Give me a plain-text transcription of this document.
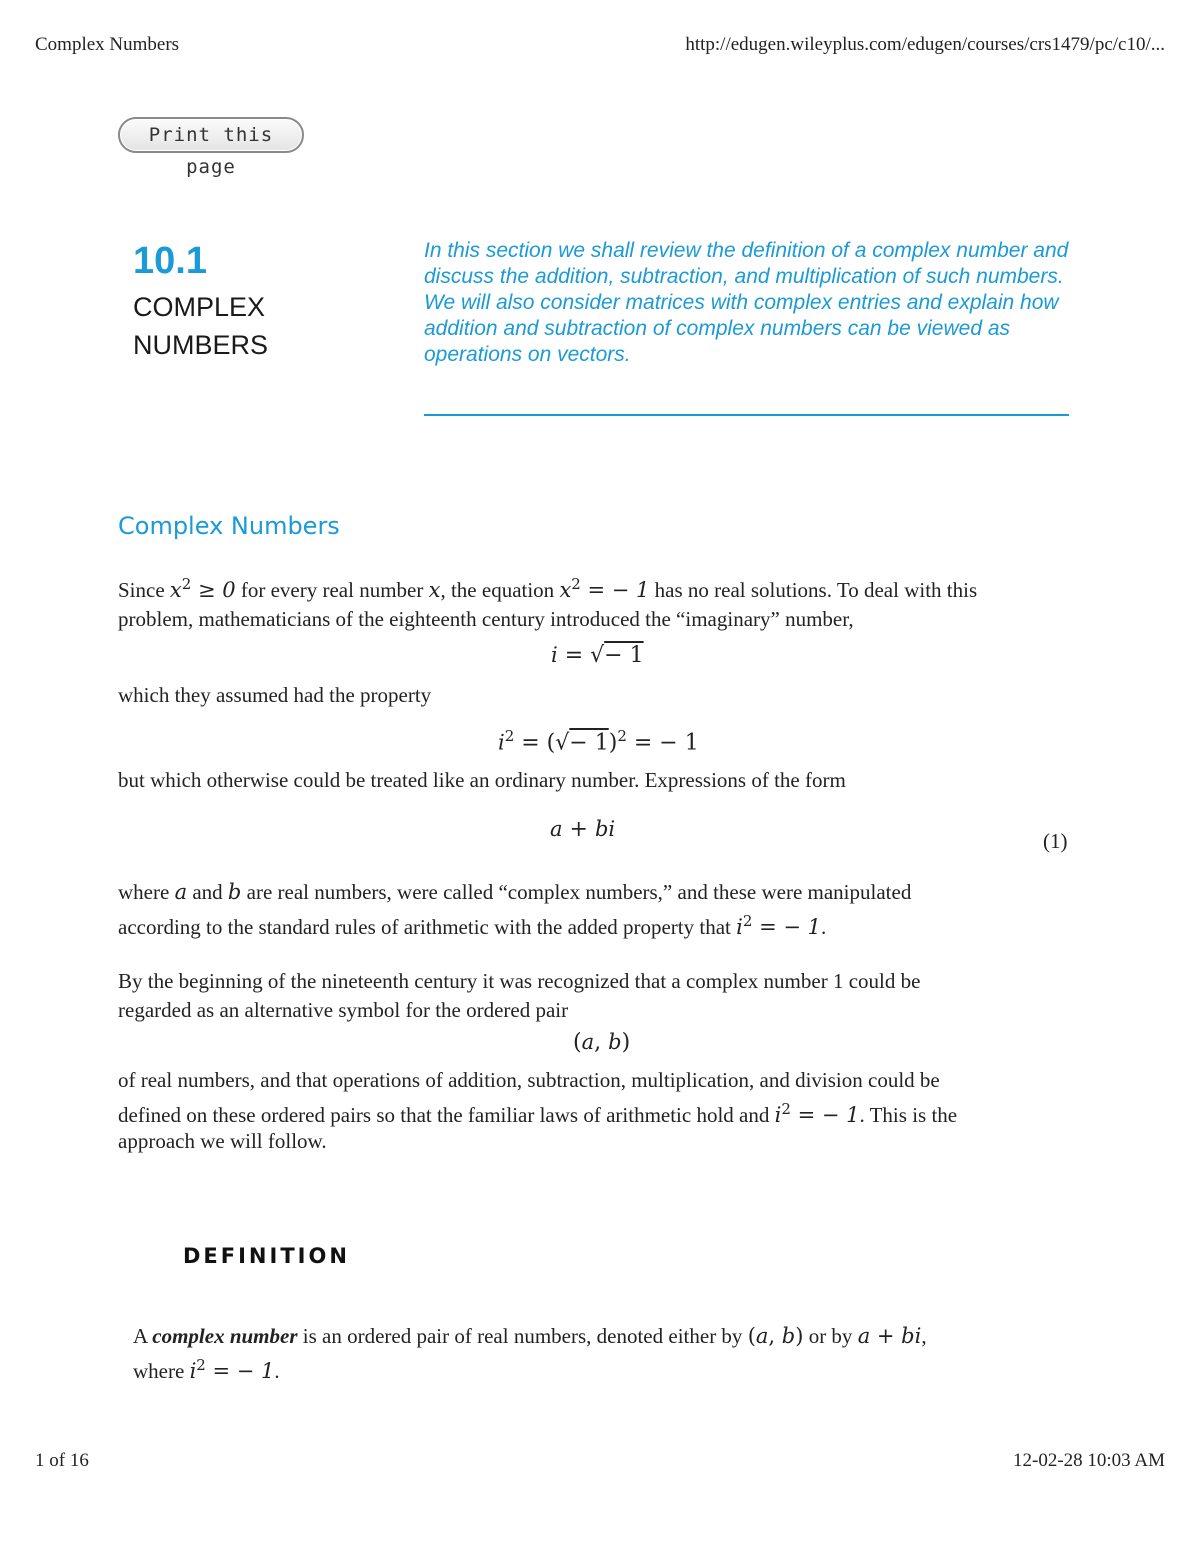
Complex Numbers	http://edugen.wileyplus.com/edugen/courses/crs1479/pc/c10/...
Print this page
10.1
COMPLEX
NUMBERS
In this section we shall review the definition of a complex number and discuss the addition, subtraction, and multiplication of such numbers. We will also consider matrices with complex entries and explain how addition and subtraction of complex numbers can be viewed as operations on vectors.
Complex Numbers
Since $x^2 \ge 0$ for every real number x, the equation $x^2$ = − 1 has no real solutions. To deal with this
problem, mathematicians of the eighteenth century introduced the “imaginary” number,
i = √− 1
which they assumed had the property
$i^2$ = (√− 1)$^2$ = − 1
but which otherwise could be treated like an ordinary number. Expressions of the form
a + bi	(1)
where a and b are real numbers, were called “complex numbers,” and these were manipulated
according to the standard rules of arithmetic with the added property that $i^2$ = − 1.
By the beginning of the nineteenth century it was recognized that a complex number 1 could be
regarded as an alternative symbol for the ordered pair
(a, b)
of real numbers, and that operations of addition, subtraction, multiplication, and division could be
defined on these ordered pairs so that the familiar laws of arithmetic hold and $i^2$ = − 1. This is the
approach we will follow.
DEFINITION
A complex number is an ordered pair of real numbers, denoted either by (a, b) or by a + bi,
where $i^2$ = − 1.
1 of 16	12-02-28 10:03 AM
